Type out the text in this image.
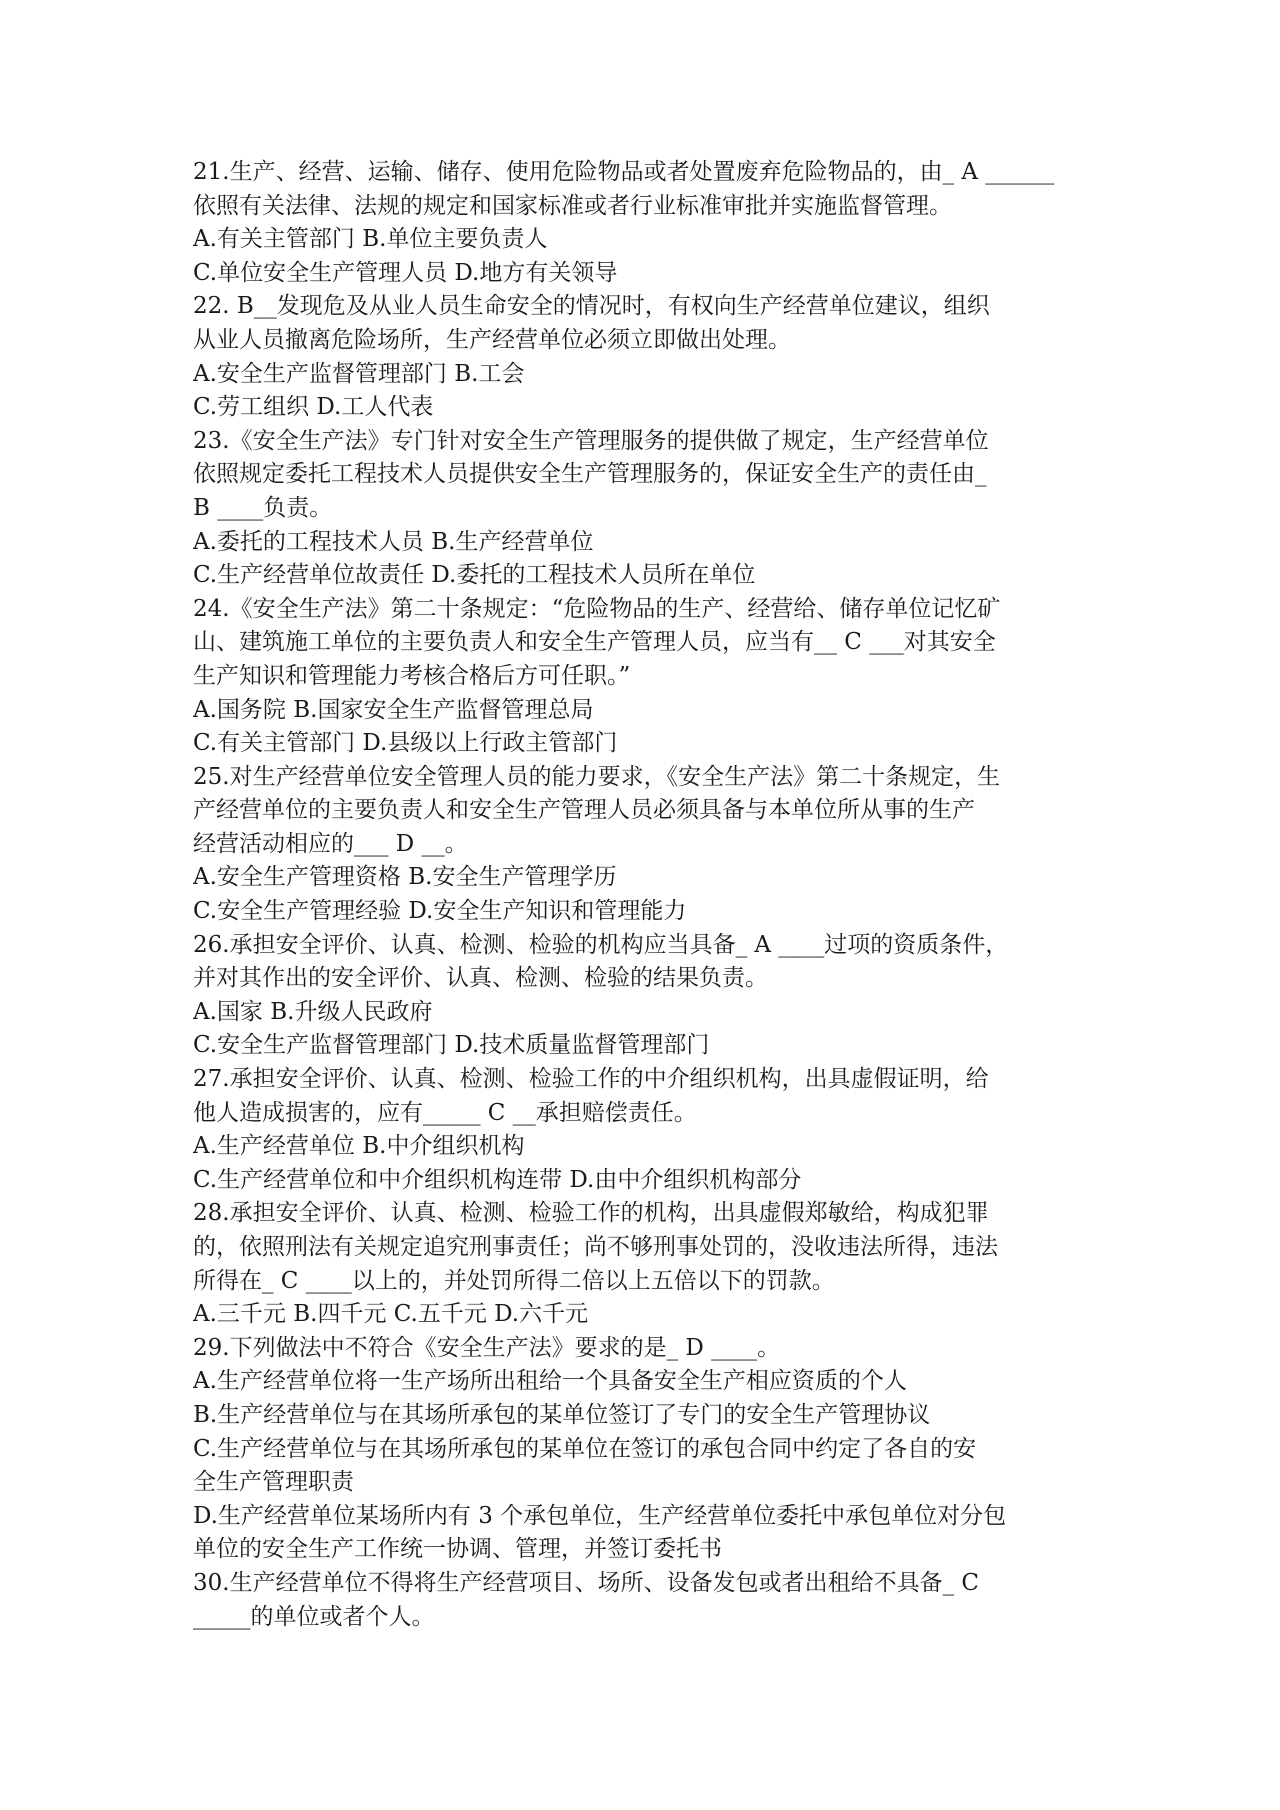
21.生产、经营、运输、储存、使用危险物品或者处置废弃危险物品的，由_ A ______
依照有关法律、法规的规定和国家标准或者行业标准审批并实施监督管理。
A.有关主管部门 B.单位主要负责人
C.单位安全生产管理人员 D.地方有关领导
22. B__发现危及从业人员生命安全的情况时，有权向生产经营单位建议，组织
从业人员撤离危险场所，生产经营单位必须立即做出处理。
A.安全生产监督管理部门 B.工会
C.劳工组织 D.工人代表
23.《安全生产法》专门针对安全生产管理服务的提供做了规定，生产经营单位
依照规定委托工程技术人员提供安全生产管理服务的，保证安全生产的责任由_
B ____负责。
A.委托的工程技术人员 B.生产经营单位
C.生产经营单位故责任 D.委托的工程技术人员所在单位
24.《安全生产法》第二十条规定：“危险物品的生产、经营给、储存单位记忆矿
山、建筑施工单位的主要负责人和安全生产管理人员，应当有__ C ___对其安全
生产知识和管理能力考核合格后方可任职。”
A.国务院 B.国家安全生产监督管理总局
C.有关主管部门 D.县级以上行政主管部门
25.对生产经营单位安全管理人员的能力要求，《安全生产法》第二十条规定，生
产经营单位的主要负责人和安全生产管理人员必须具备与本单位所从事的生产
经营活动相应的___ D __。
A.安全生产管理资格 B.安全生产管理学历
C.安全生产管理经验 D.安全生产知识和管理能力
26.承担安全评价、认真、检测、检验的机构应当具备_ A ____过项的资质条件，
并对其作出的安全评价、认真、检测、检验的结果负责。
A.国家 B.升级人民政府
C.安全生产监督管理部门 D.技术质量监督管理部门
27.承担安全评价、认真、检测、检验工作的中介组织机构，出具虚假证明，给
他人造成损害的，应有_____ C __承担赔偿责任。
A.生产经营单位 B.中介组织机构
C.生产经营单位和中介组织机构连带 D.由中介组织机构部分
28.承担安全评价、认真、检测、检验工作的机构，出具虚假郑敏给，构成犯罪
的，依照刑法有关规定追究刑事责任；尚不够刑事处罚的，没收违法所得，违法
所得在_ C ____以上的，并处罚所得二倍以上五倍以下的罚款。
A.三千元 B.四千元 C.五千元 D.六千元
29.下列做法中不符合《安全生产法》要求的是_ D ____。
A.生产经营单位将一生产场所出租给一个具备安全生产相应资质的个人
B.生产经营单位与在其场所承包的某单位签订了专门的安全生产管理协议
C.生产经营单位与在其场所承包的某单位在签订的承包合同中约定了各自的安
全生产管理职责
D.生产经营单位某场所内有 3 个承包单位，生产经营单位委托中承包单位对分包
单位的安全生产工作统一协调、管理，并签订委托书
30.生产经营单位不得将生产经营项目、场所、设备发包或者出租给不具备_ C
_____的单位或者个人。
